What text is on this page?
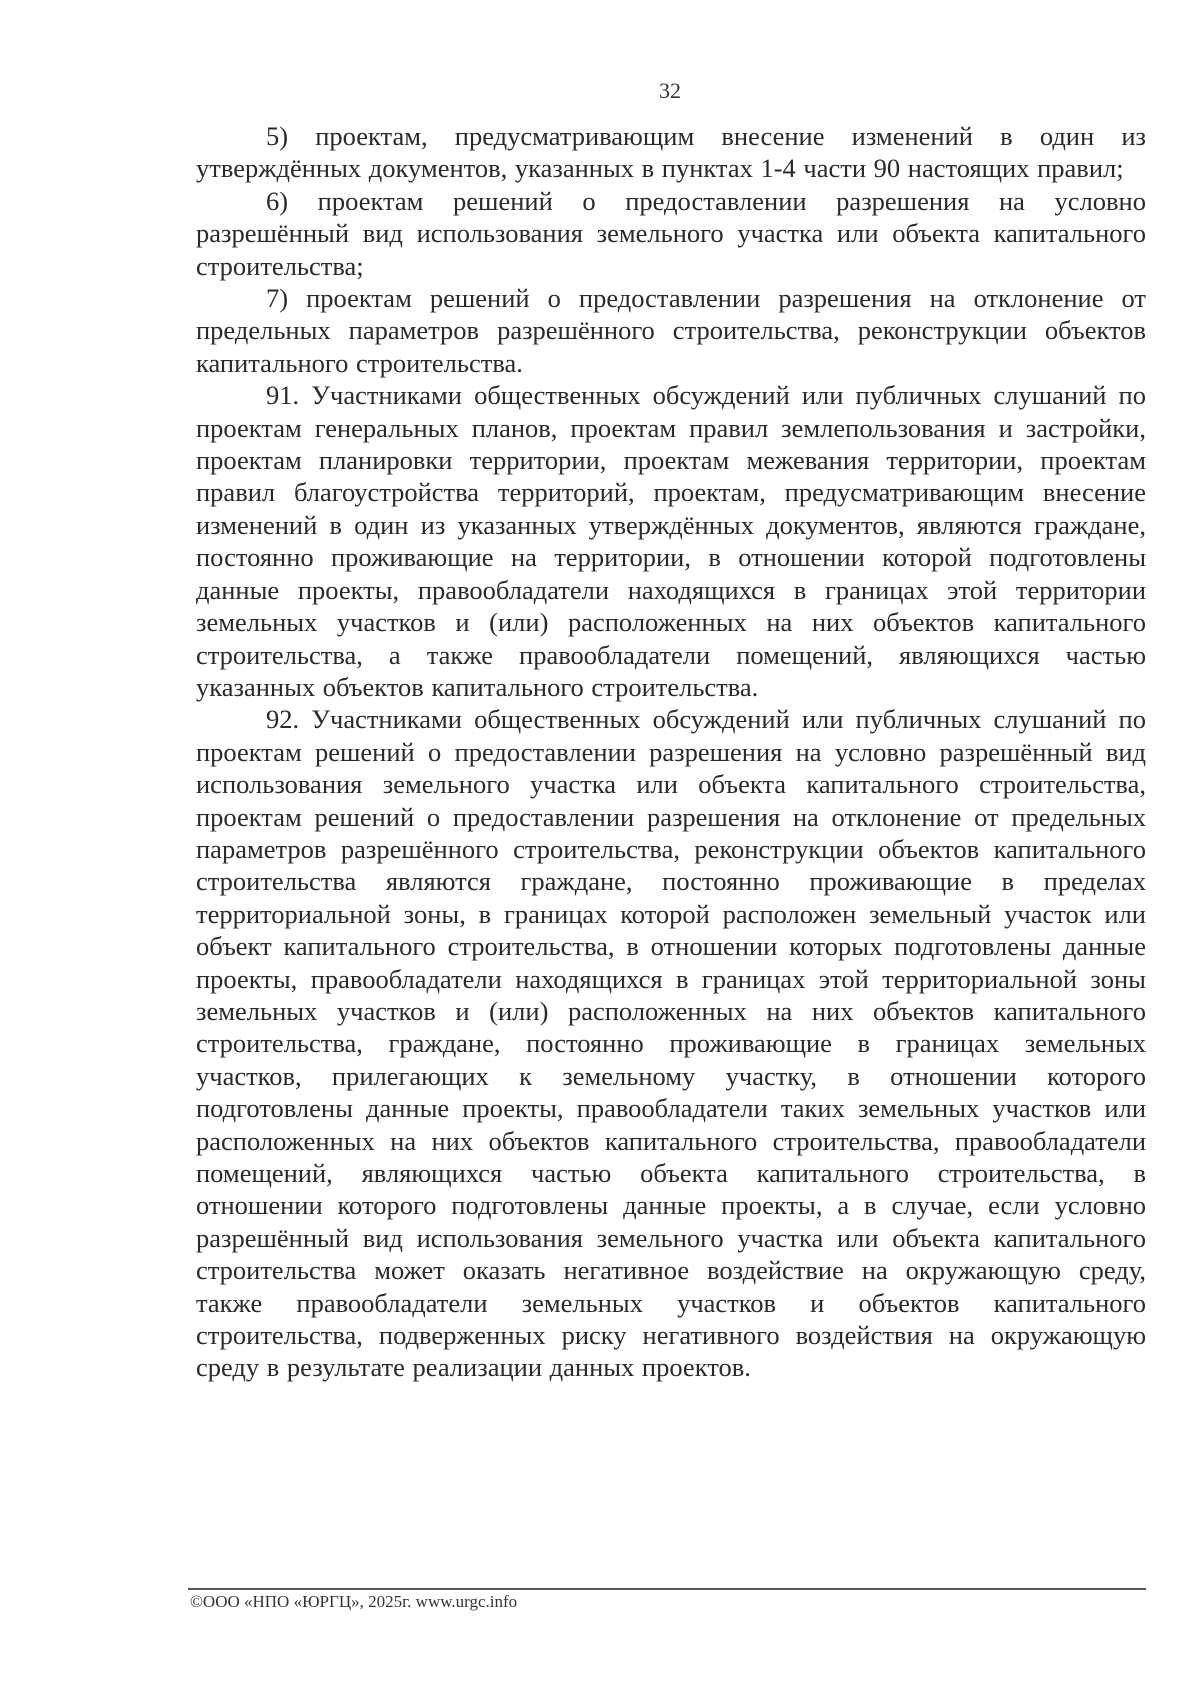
32

5) проектам, предусматривающим внесение изменений в один из утверждённых документов, указанных в пунктах 1-4 части 90 настоящих правил;

6) проектам решений о предоставлении разрешения на условно разрешённый вид использования земельного участка или объекта капитального строительства;

7) проектам решений о предоставлении разрешения на отклонение от предельных параметров разрешённого строительства, реконструкции объектов капитального строительства.

91. Участниками общественных обсуждений или публичных слушаний по проектам генеральных планов, проектам правил землепользования и застройки, проектам планировки территории, проектам межевания территории, проектам правил благоустройства территорий, проектам, предусматривающим внесение изменений в один из указанных утверждённых документов, являются граждане, постоянно проживающие на территории, в отношении которой подготовлены данные проекты, правообладатели находящихся в границах этой территории земельных участков и (или) расположенных на них объектов капитального строительства, а также правообладатели помещений, являющихся частью указанных объектов капитального строительства.

92. Участниками общественных обсуждений или публичных слушаний по проектам решений о предоставлении разрешения на условно разрешённый вид использования земельного участка или объекта капитального строительства, проектам решений о предоставлении разрешения на отклонение от предельных параметров разрешённого строительства, реконструкции объектов капитального строительства являются граждане, постоянно проживающие в пределах территориальной зоны, в границах которой расположен земельный участок или объект капитального строительства, в отношении которых подготовлены данные проекты, правообладатели находящихся в границах этой территориальной зоны земельных участков и (или) расположенных на них объектов капитального строительства, граждане, постоянно проживающие в границах земельных участков, прилегающих к земельному участку, в отношении которого подготовлены данные проекты, правообладатели таких земельных участков или расположенных на них объектов капитального строительства, правообладатели помещений, являющихся частью объекта капитального строительства, в отношении которого подготовлены данные проекты, а в случае, если условно разрешённый вид использования земельного участка или объекта капитального строительства может оказать негативное воздействие на окружающую среду, также правообладатели земельных участков и объектов капитального строительства, подверженных риску негативного воздействия на окружающую среду в результате реализации данных проектов.

©ООО «НПО «ЮРГЦ», 2025г. www.urgc.info
